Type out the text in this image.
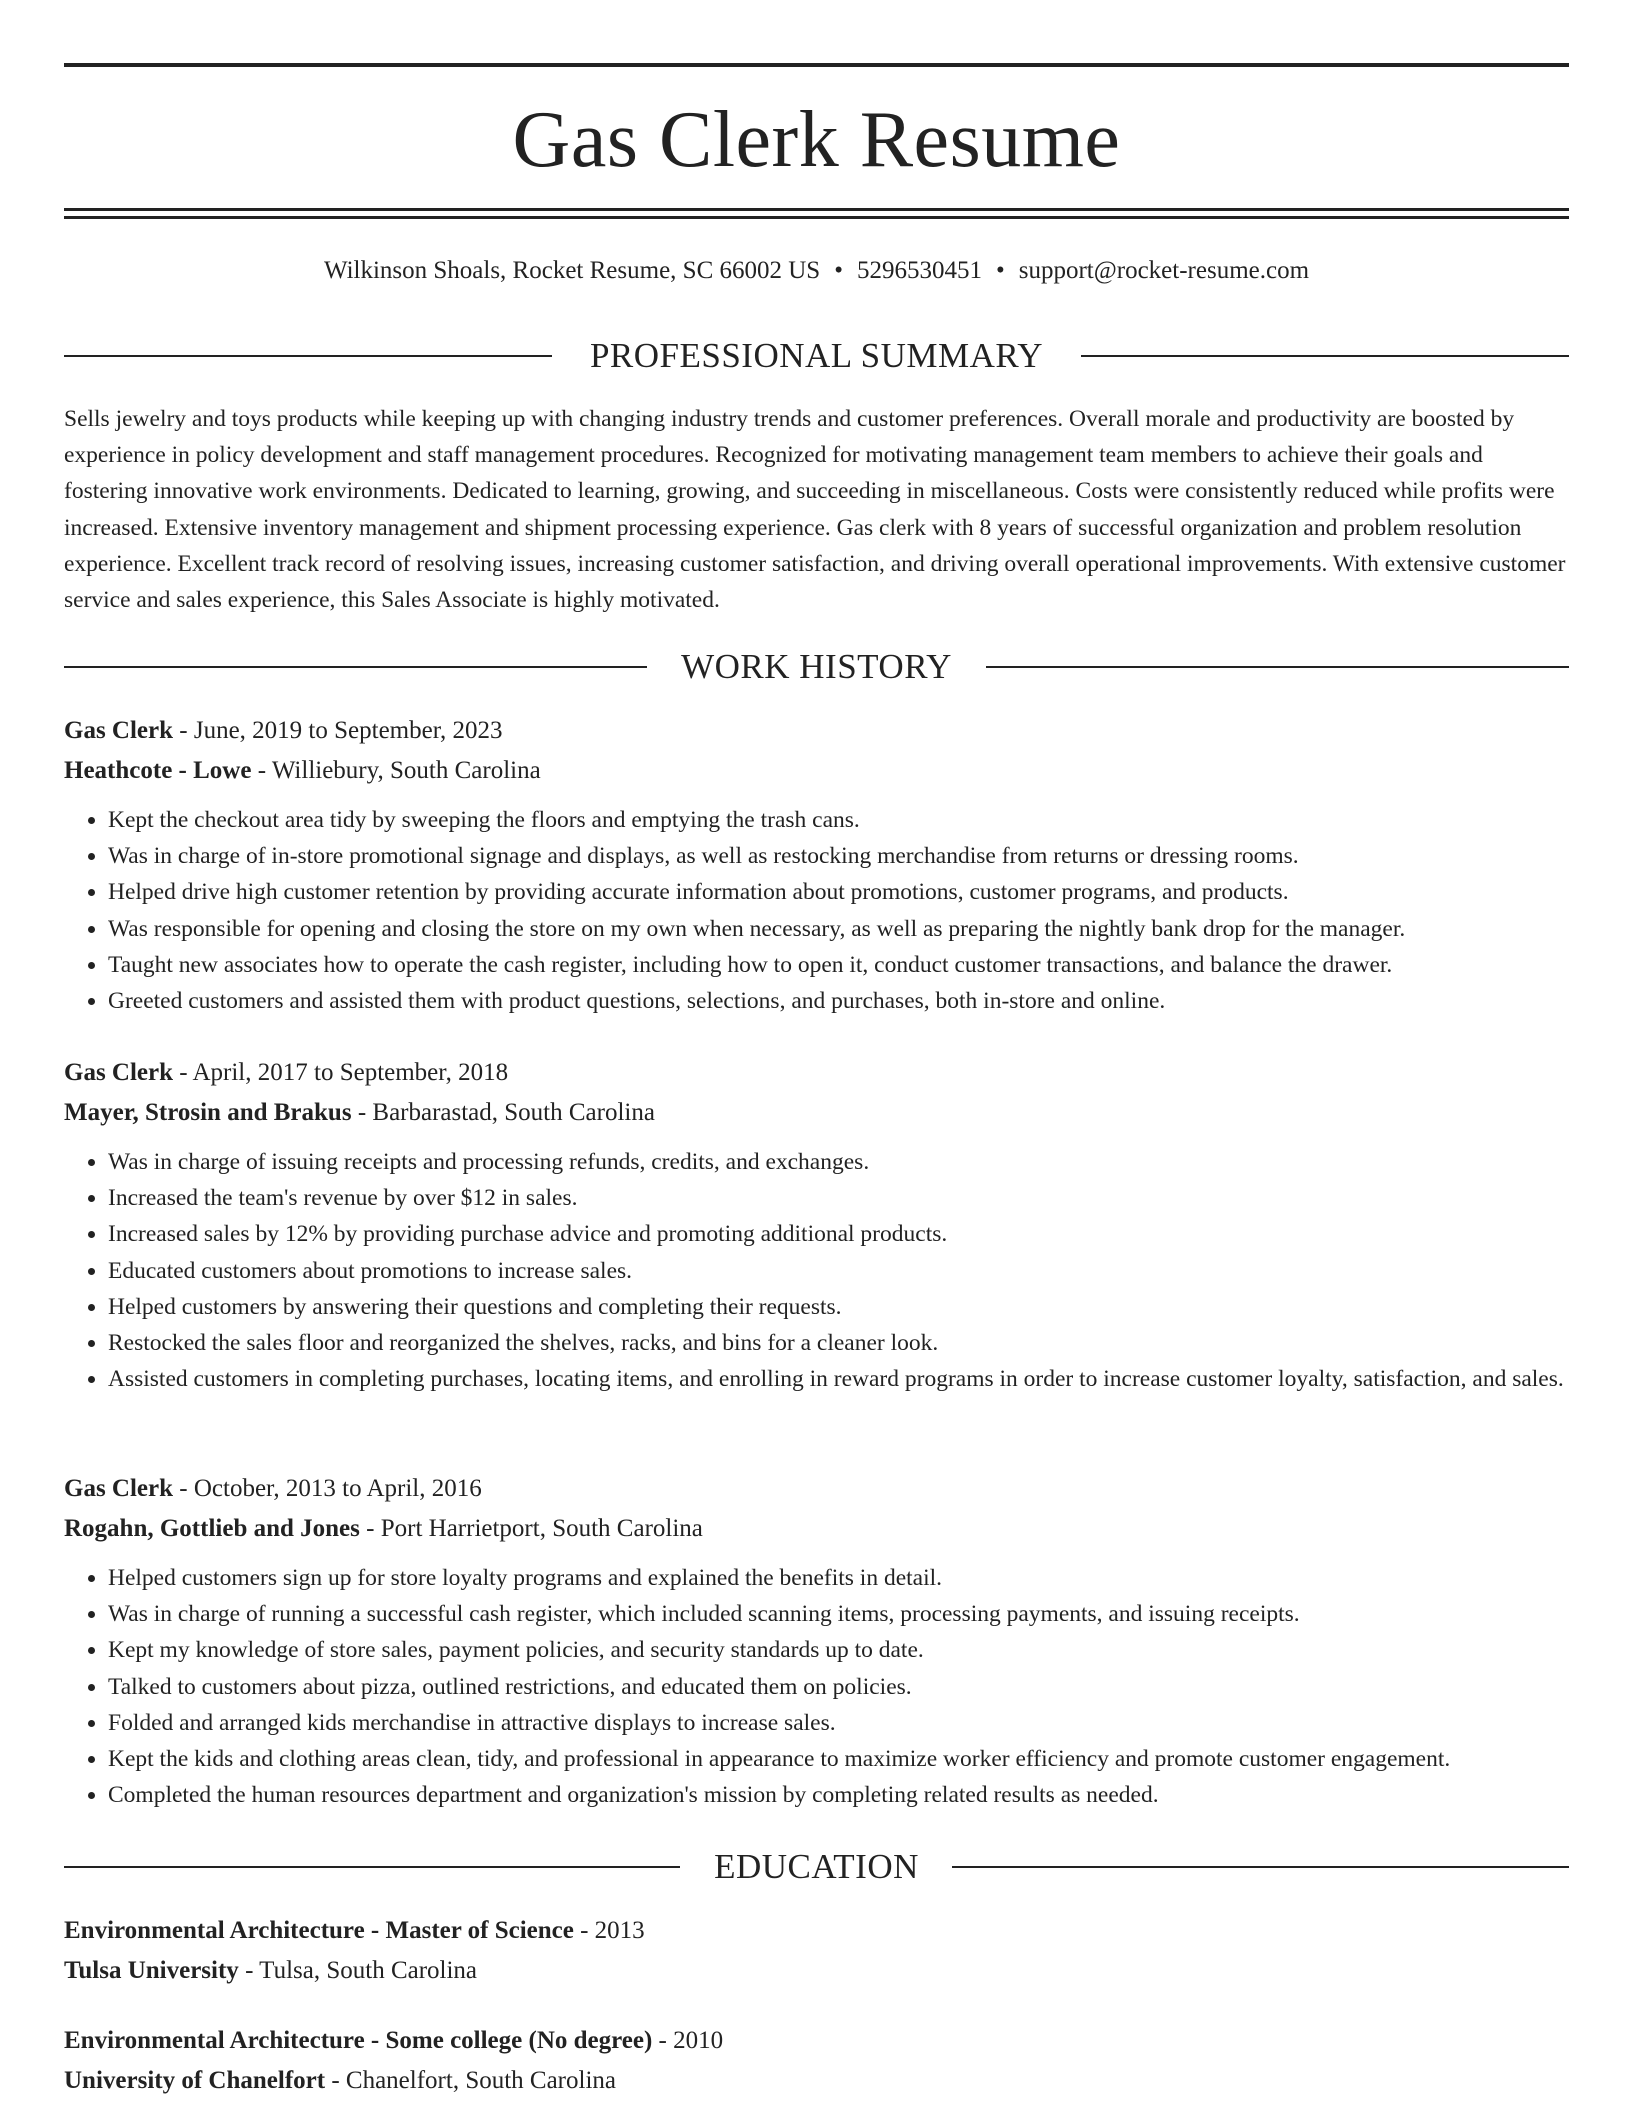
Gas Clerk Resume
Wilkinson Shoals, Rocket Resume, SC 66002 US • 5296530451 • support@rocket-resume.com
PROFESSIONAL SUMMARY
Sells jewelry and toys products while keeping up with changing industry trends and customer preferences. Overall morale and productivity are boosted by experience in policy development and staff management procedures. Recognized for motivating management team members to achieve their goals and fostering innovative work environments. Dedicated to learning, growing, and succeeding in miscellaneous. Costs were consistently reduced while profits were increased. Extensive inventory management and shipment processing experience. Gas clerk with 8 years of successful organization and problem resolution experience. Excellent track record of resolving issues, increasing customer satisfaction, and driving overall operational improvements. With extensive customer service and sales experience, this Sales Associate is highly motivated.
WORK HISTORY
Gas Clerk - June, 2019 to September, 2023
Heathcote - Lowe - Williebury, South Carolina
• Kept the checkout area tidy by sweeping the floors and emptying the trash cans.
• Was in charge of in-store promotional signage and displays, as well as restocking merchandise from returns or dressing rooms.
• Helped drive high customer retention by providing accurate information about promotions, customer programs, and products.
• Was responsible for opening and closing the store on my own when necessary, as well as preparing the nightly bank drop for the manager.
• Taught new associates how to operate the cash register, including how to open it, conduct customer transactions, and balance the drawer.
• Greeted customers and assisted them with product questions, selections, and purchases, both in-store and online.
Gas Clerk - April, 2017 to September, 2018
Mayer, Strosin and Brakus - Barbarastad, South Carolina
• Was in charge of issuing receipts and processing refunds, credits, and exchanges.
• Increased the team's revenue by over $12 in sales.
• Increased sales by 12% by providing purchase advice and promoting additional products.
• Educated customers about promotions to increase sales.
• Helped customers by answering their questions and completing their requests.
• Restocked the sales floor and reorganized the shelves, racks, and bins for a cleaner look.
• Assisted customers in completing purchases, locating items, and enrolling in reward programs in order to increase customer loyalty, satisfaction, and sales.
Gas Clerk - October, 2013 to April, 2016
Rogahn, Gottlieb and Jones - Port Harrietport, South Carolina
• Helped customers sign up for store loyalty programs and explained the benefits in detail.
• Was in charge of running a successful cash register, which included scanning items, processing payments, and issuing receipts.
• Kept my knowledge of store sales, payment policies, and security standards up to date.
• Talked to customers about pizza, outlined restrictions, and educated them on policies.
• Folded and arranged kids merchandise in attractive displays to increase sales.
• Kept the kids and clothing areas clean, tidy, and professional in appearance to maximize worker efficiency and promote customer engagement.
• Completed the human resources department and organization's mission by completing related results as needed.
EDUCATION
Environmental Architecture - Master of Science - 2013
Tulsa University - Tulsa, South Carolina
Environmental Architecture - Some college (No degree) - 2010
University of Chanelfort - Chanelfort, South Carolina
